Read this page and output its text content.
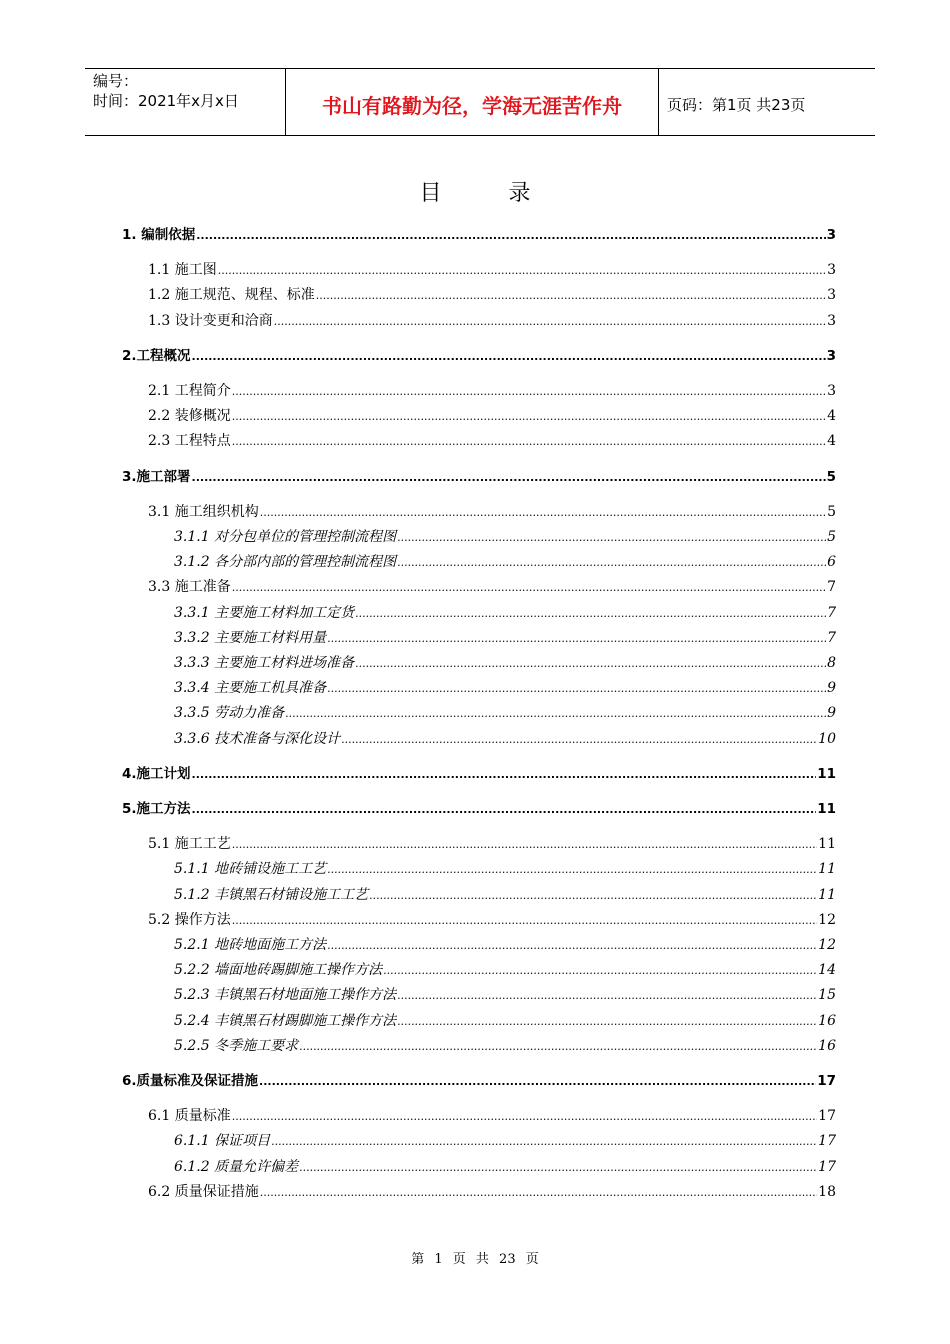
编号：
时间：2021年x月x日	书山有路勤为径，学海无涯苦作舟	页码：第1页 共23页
目 录
1. 编制依据 .....	3
1.1 施工图 .....	3
1.2 施工规范、规程、标准 .....	3
1.3 设计变更和洽商 .....	3
2.工程概况 .....	3
2.1 工程简介 .....	3
2.2 装修概况 .....	4
2.3 工程特点 .....	4
3.施工部署 .....	5
3.1 施工组织机构 .....	5
3.1.1 对分包单位的管理控制流程图 .....	5
3.1.2 各分部内部的管理控制流程图 .....	6
3.3 施工准备 .....	7
3.3.1 主要施工材料加工定货 .....	7
3.3.2 主要施工材料用量 .....	7
3.3.3 主要施工材料进场准备 .....	8
3.3.4 主要施工机具准备 .....	9
3.3.5 劳动力准备 .....	9
3.3.6 技术准备与深化设计 .....	10
4.施工计划 .....	11
5.施工方法 .....	11
5.1 施工工艺 .....	11
5.1.1 地砖铺设施工工艺 .....	11
5.1.2 丰镇黑石材铺设施工工艺 .....	11
5.2 操作方法 .....	12
5.2.1 地砖地面施工方法 .....	12
5.2.2 墙面地砖踢脚施工操作方法 .....	14
5.2.3 丰镇黑石材地面施工操作方法 .....	15
5.2.4 丰镇黑石材踢脚施工操作方法 .....	16
5.2.5 冬季施工要求 .....	16
6.质量标准及保证措施 .....	17
6.1 质量标准 .....	17
6.1.1 保证项目 .....	17
6.1.2 质量允许偏差 .....	17
6.2 质量保证措施 .....	18
第 1 页 共 23 页
